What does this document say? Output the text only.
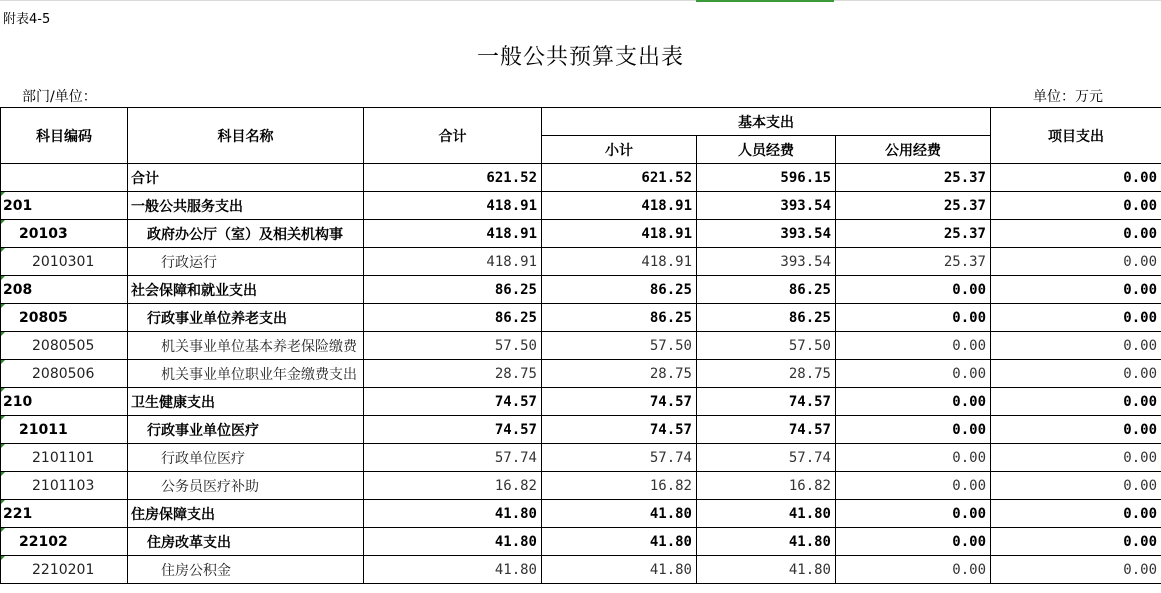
附表4-5
一般公共预算支出表
部门/单位：	单位：万元
科目编码	科目名称	合计	基本支出			项目支出
			小计	人员经费	公用经费	
	合计	621.52	621.52	596.15	25.37	0.00
201	一般公共服务支出	418.91	418.91	393.54	25.37	0.00
20103	政府办公厅（室）及相关机构事	418.91	418.91	393.54	25.37	0.00
2010301	行政运行	418.91	418.91	393.54	25.37	0.00
208	社会保障和就业支出	86.25	86.25	86.25	0.00	0.00
20805	行政事业单位养老支出	86.25	86.25	86.25	0.00	0.00
2080505	机关事业单位基本养老保险缴费	57.50	57.50	57.50	0.00	0.00
2080506	机关事业单位职业年金缴费支出	28.75	28.75	28.75	0.00	0.00
210	卫生健康支出	74.57	74.57	74.57	0.00	0.00
21011	行政事业单位医疗	74.57	74.57	74.57	0.00	0.00
2101101	行政单位医疗	57.74	57.74	57.74	0.00	0.00
2101103	公务员医疗补助	16.82	16.82	16.82	0.00	0.00
221	住房保障支出	41.80	41.80	41.80	0.00	0.00
22102	住房改革支出	41.80	41.80	41.80	0.00	0.00
2210201	住房公积金	41.80	41.80	41.80	0.00	0.00
